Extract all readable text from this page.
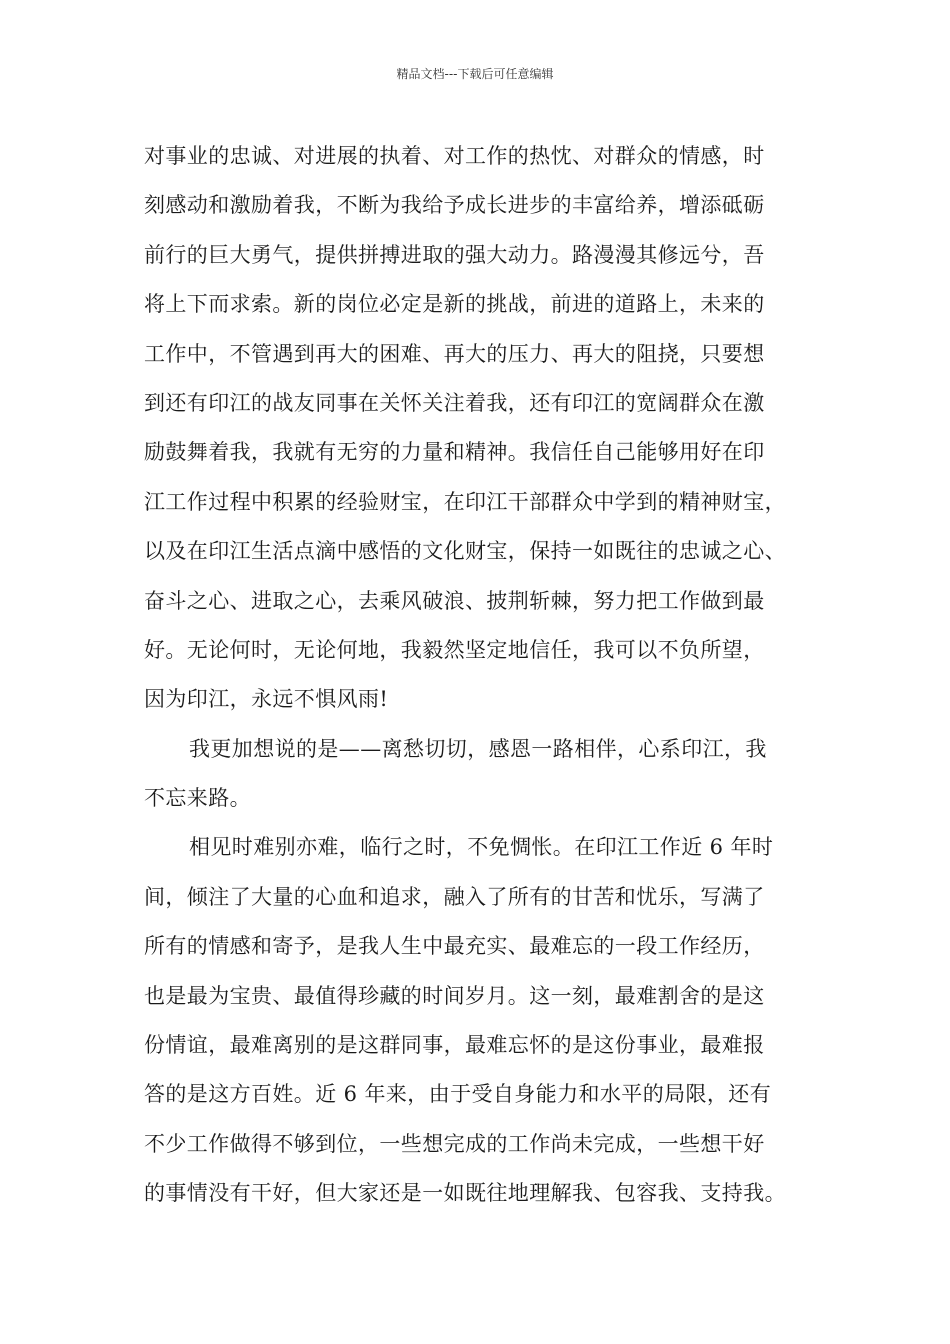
精品文档---下载后可任意编辑
对事业的忠诚、对进展的执着、对工作的热忱、对群众的情感，时
刻感动和激励着我，不断为我给予成长进步的丰富给养，增添砥砺
前行的巨大勇气，提供拼搏进取的强大动力。路漫漫其修远兮，吾
将上下而求索。新的岗位必定是新的挑战，前进的道路上，未来的
工作中，不管遇到再大的困难、再大的压力、再大的阻挠，只要想
到还有印江的战友同事在关怀关注着我，还有印江的宽阔群众在激
励鼓舞着我，我就有无穷的力量和精神。我信任自己能够用好在印
江工作过程中积累的经验财宝，在印江干部群众中学到的精神财宝，
以及在印江生活点滴中感悟的文化财宝，保持一如既往的忠诚之心、
奋斗之心、进取之心，去乘风破浪、披荆斩棘，努力把工作做到最
好。无论何时，无论何地，我毅然坚定地信任，我可以不负所望，
因为印江，永远不惧风雨!
我更加想说的是——离愁切切，感恩一路相伴，心系印江，我
不忘来路。
相见时难别亦难，临行之时，不免惆怅。在印江工作近 6 年时
间，倾注了大量的心血和追求，融入了所有的甘苦和忧乐，写满了
所有的情感和寄予，是我人生中最充实、最难忘的一段工作经历，
也是最为宝贵、最值得珍藏的时间岁月。这一刻，最难割舍的是这
份情谊，最难离别的是这群同事，最难忘怀的是这份事业，最难报
答的是这方百姓。近 6 年来，由于受自身能力和水平的局限，还有
不少工作做得不够到位，一些想完成的工作尚未完成，一些想干好
的事情没有干好，但大家还是一如既往地理解我、包容我、支持我。
